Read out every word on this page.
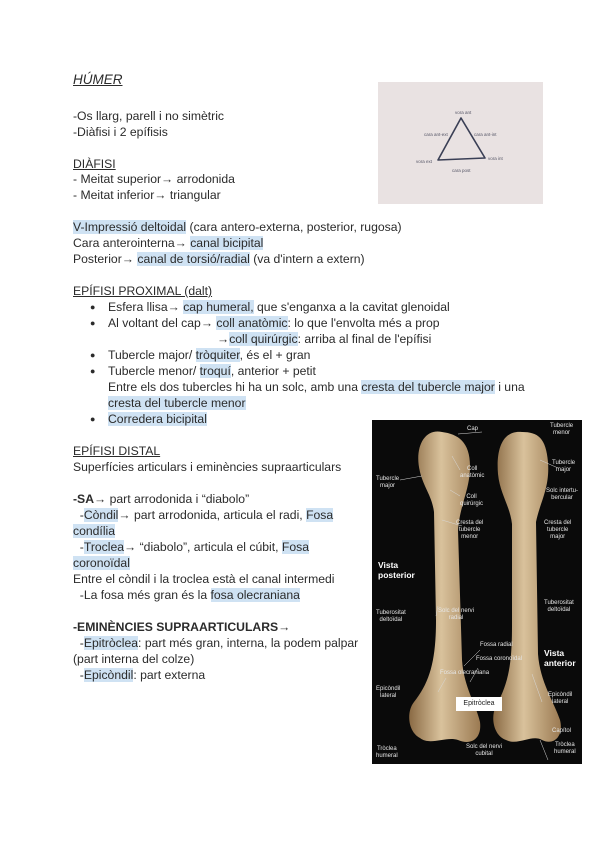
HÚMER
-Os llarg, parell i no simètric
-Diàfisi i 2 epífisis
DIÀFISI
- Meitat superior→ arrodonida
- Meitat inferior→ triangular
V-Impressió deltoidal (cara antero-externa, posterior, rugosa)
Cara anterointerna→ canal bicipital
Posterior→ canal de torsió/radial (va d'intern a extern)
EPÍFISI PROXIMAL (dalt)
● Esfera llisa→ cap humeral, que s'enganxa a la cavitat glenoidal
● Al voltant del cap→ coll anatòmic: lo que l'envolta més a prop
→coll quirúrgic: arriba al final de l'epífisi
● Tubercle major/ tròquiter, és el + gran
● Tubercle menor/ troquí, anterior + petit
Entre els dos tubercles hi ha un solc, amb una cresta del tubercle major i una
cresta del tubercle menor
● Corredera bicipital
EPÍFISI DISTAL
Superfícies articulars i eminències supraarticulars
-SA→ part arrodonida i “diabolo”
-Còndil→ part arrodonida, articula el radi, Fosa
condília
-Troclea→ “diabolo”, articula el cúbit, Fosa
coronoïdal
Entre el còndil i la troclea està el canal intermedi
-La fosa més gran és la fosa olecraniana
-EMINÈNCIES SUPRAARTICULARS→
-Epitròclea: part més gran, interna, la podem palpar
(part interna del colze)
-Epicòndil: part externa
vora ant
cara ant-ext	cara ant-int
vora ext
vora int
cara post
Cap	Tubercle
menor
Tubercle
major
Coll
anatòmic
Tubercle
major
Coll
quirúrgic
Solc intertu-
bercular
Cresta del
tubercle
menor
Cresta del
tubercle
major
Vista
posterior
Tuberositat
deltoïdal
Solc del nervi
radial
Tuberositat
deltoïdal
Fossa radial
Fossa coronoïdal
Vista
anterior
Fossa olecraniana
Epitròclea
Epicòndil
lateral	Epicòndil
lateral
Capítol
Tròclea
humeral
Solc del nervi
cubital
Tròclea
humeral
